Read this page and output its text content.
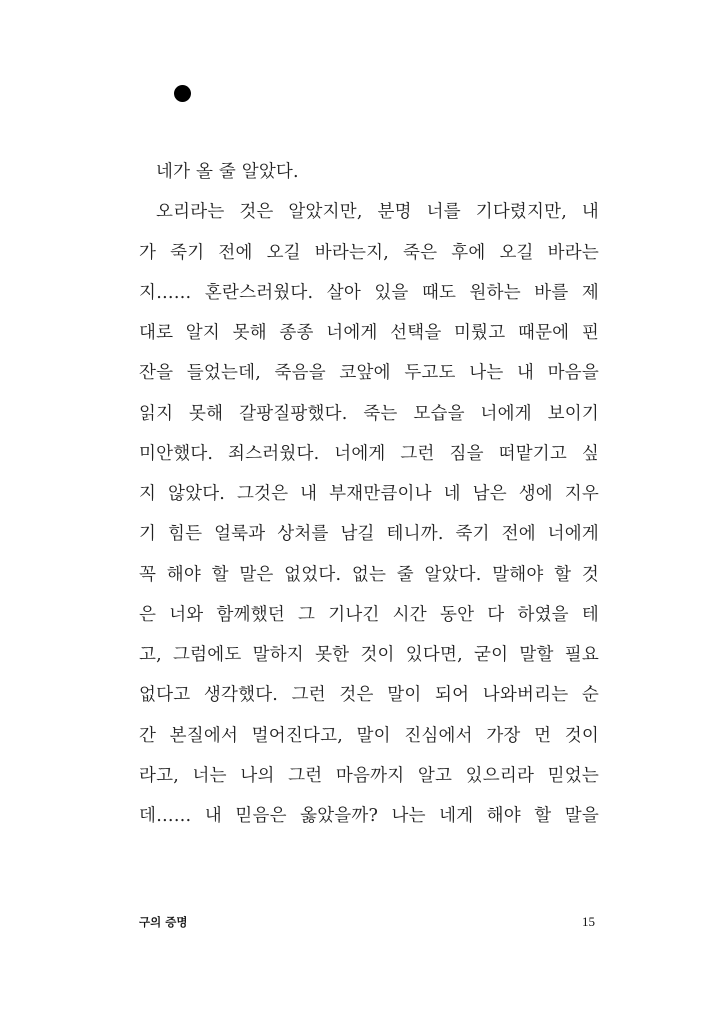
네가 올 줄 알았다.
오리라는 것은 알았지만, 분명 너를 기다렸지만, 내
가 죽기 전에 오길 바라는지, 죽은 후에 오길 바라는
지…… 혼란스러웠다. 살아 있을 때도 원하는 바를 제
대로 알지 못해 종종 너에게 선택을 미뤘고 때문에 핀
잔을 들었는데, 죽음을 코앞에 두고도 나는 내 마음을
읽지 못해 갈팡질팡했다. 죽는 모습을 너에게 보이기
미안했다. 죄스러웠다. 너에게 그런 짐을 떠맡기고 싶
지 않았다. 그것은 내 부재만큼이나 네 남은 생에 지우
기 힘든 얼룩과 상처를 남길 테니까. 죽기 전에 너에게
꼭 해야 할 말은 없었다. 없는 줄 알았다. 말해야 할 것
은 너와 함께했던 그 기나긴 시간 동안 다 하였을 테
고, 그럼에도 말하지 못한 것이 있다면, 굳이 말할 필요
없다고 생각했다. 그런 것은 말이 되어 나와버리는 순
간 본질에서 멀어진다고, 말이 진심에서 가장 먼 것이
라고, 너는 나의 그런 마음까지 알고 있으리라 믿었는
데…… 내 믿음은 옳았을까? 나는 네게 해야 할 말을
구의 증명	15
